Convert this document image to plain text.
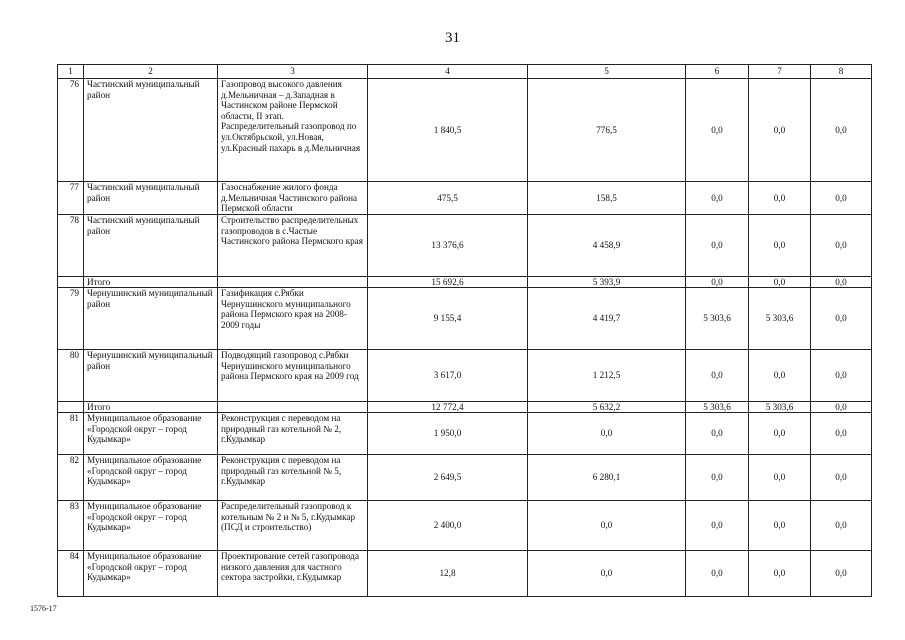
31
1	2	3	4	5	6	7	8
76	Частинский муниципальный район	Газопровод высокого давления д.Мельничная – д.Западная в Частинском районе Пермской области, II этап. Распределительный газопровод по ул.Октябрьской, ул.Новая, ул.Красный пахарь в д.Мельничная	1 840,5	776,5	0,0	0,0	0,0
77	Частинский муниципальный район	Газоснабжение жилого фонда д.Мельничная Частинского района Пермской области	475,5	158,5	0,0	0,0	0,0
78	Частинский муниципальный район	Строительство распределительных газопроводов в с.Частые Частинского района Пермского края	13 376,6	4 458,9	0,0	0,0	0,0
	Итого		15 692,6	5 393,9	0,0	0,0	0,0
79	Чернушинский муниципальный район	Газификация с.Рябки Чернушинского муниципального района Пермского края на 2008-2009 годы	9 155,4	4 419,7	5 303,6	5 303,6	0,0
80	Чернушинский муниципальный район	Подводящий газопровод с.Рябки Чернушинского муниципального района Пермского края на 2009 год	3 617,0	1 212,5	0,0	0,0	0,0
	Итого		12 772,4	5 632,2	5 303,6	5 303,6	0,0
81	Муниципальное образование «Городской округ – город Кудымкар»	Реконструкция с переводом на природный газ котельной № 2, г.Кудымкар	1 950,0	0,0	0,0	0,0	0,0
82	Муниципальное образование «Городской округ – город Кудымкар»	Реконструкция с переводом на природный газ котельной № 5, г.Кудымкар	2 649,5	6 280,1	0,0	0,0	0,0
83	Муниципальное образование «Городской округ – город Кудымкар»	Распределительный газопровод к котельным № 2 и № 5, г.Кудымкар (ПСД и строительство)	2 400,0	0,0	0,0	0,0	0,0
84	Муниципальное образование «Городской округ – город Кудымкар»	Проектирование сетей газопровода низкого давления для частного сектора застройки, г.Кудымкар	12,8	0,0	0,0	0,0	0,0
1576-17
